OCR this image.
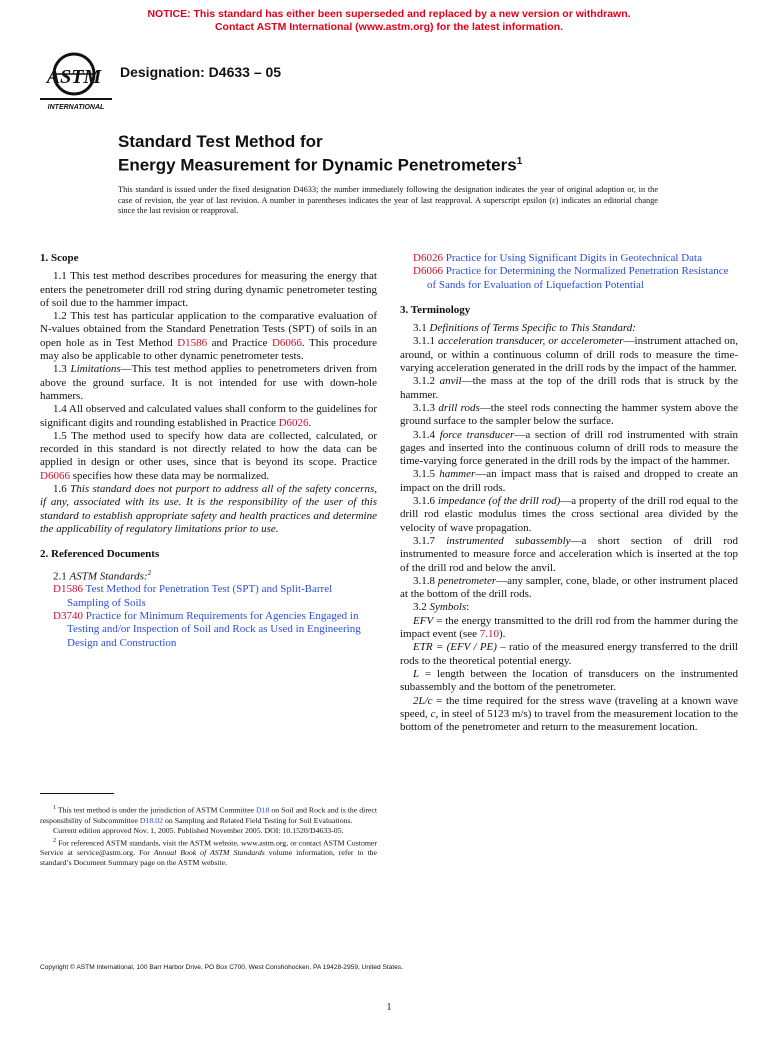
NOTICE: This standard has either been superseded and replaced by a new version or withdrawn.
Contact ASTM International (www.astm.org) for the latest information.
ASTM
INTERNATIONAL
Designation: D4633 – 05
Standard Test Method for
Energy Measurement for Dynamic Penetrometers$^1$
This standard is issued under the fixed designation D4633; the number immediately following the designation indicates the year of original adoption or, in the case of revision, the year of last revision. A number in parentheses indicates the year of last reapproval. A superscript epsilon (ε) indicates an editorial change since the last revision or reapproval.
1. Scope

1.1 This test method describes procedures for measuring the energy that enters the penetrometer drill rod string during dynamic penetrometer testing of soil due to the hammer impact.

1.2 This test has particular application to the comparative evaluation of N-values obtained from the Standard Penetration Tests (SPT) of soils in an open hole as in Test Method D1586 and Practice D6066. This procedure may also be applicable to other dynamic penetrometer tests.

1.3 Limitations—This test method applies to penetrometers driven from above the ground surface. It is not intended for use with down-hole hammers.

1.4 All observed and calculated values shall conform to the guidelines for significant digits and rounding established in Practice D6026.

1.5 The method used to specify how data are collected, calculated, or recorded in this standard is not directly related to how the data can be applied in design or other uses, since that is beyond its scope. Practice D6066 specifies how these data may be normalized.

1.6 This standard does not purport to address all of the safety concerns, if any, associated with its use. It is the responsibility of the user of this standard to establish appropriate safety and health practices and determine the applicability of regulatory limitations prior to use.

2. Referenced Documents

2.1 ASTM Standards:$^2$

D1586 Test Method for Penetration Test (SPT) and Split-Barrel Sampling of Soils

D3740 Practice for Minimum Requirements for Agencies Engaged in Testing and/or Inspection of Soil and Rock as Used in Engineering Design and Construction

$^1$ This test method is under the jurisdiction of ASTM Committee D18 on Soil and Rock and is the direct responsibility of Subcommittee D18.02 on Sampling and Related Field Testing for Soil Evaluations.

Current edition approved Nov. 1, 2005. Published November 2005. DOI: 10.1520/D4633-05.

$^2$ For referenced ASTM standards, visit the ASTM website, www.astm.org, or contact ASTM Customer Service at service@astm.org. For Annual Book of ASTM Standards volume information, refer to the standard’s Document Summary page on the ASTM website.

D6026 Practice for Using Significant Digits in Geotechnical Data

D6066 Practice for Determining the Normalized Penetration Resistance of Sands for Evaluation of Liquefaction Potential

3. Terminology

3.1 Definitions of Terms Specific to This Standard:

3.1.1 acceleration transducer, or accelerometer—instrument attached on, around, or within a continuous column of drill rods to measure the time-varying acceleration generated in the drill rods by the impact of the hammer.

3.1.2 anvil—the mass at the top of the drill rods that is struck by the hammer.

3.1.3 drill rods—the steel rods connecting the hammer system above the ground surface to the sampler below the surface.

3.1.4 force transducer—a section of drill rod instrumented with strain gages and inserted into the continuous column of drill rods to measure the time-varying force generated in the drill rods by the impact of the hammer.

3.1.5 hammer—an impact mass that is raised and dropped to create an impact on the drill rods.

3.1.6 impedance (of the drill rod)—a property of the drill rod equal to the drill rod elastic modulus times the cross sectional area divided by the velocity of wave propagation.

3.1.7 instrumented subassembly—a short section of drill rod instrumented to measure force and acceleration which is inserted at the top of the drill rod and below the anvil.

3.1.8 penetrometer—any sampler, cone, blade, or other instrument placed at the bottom of the drill rods.

3.2 Symbols:

EFV = the energy transmitted to the drill rod from the hammer during the impact event (see 7.10).

ETR = (EFV / PE) – ratio of the measured energy transferred to the drill rods to the theoretical potential energy.

L = length between the location of transducers on the instrumented subassembly and the bottom of the penetrometer.

2L/c = the time required for the stress wave (traveling at a known wave speed, c, in steel of 5123 m/s) to travel from the measurement location to the bottom of the penetrometer and return to the measurement location.

Copyright © ASTM International, 100 Barr Harbor Drive, PO Box C700, West Conshohocken, PA 19428-2959, United States.
1
